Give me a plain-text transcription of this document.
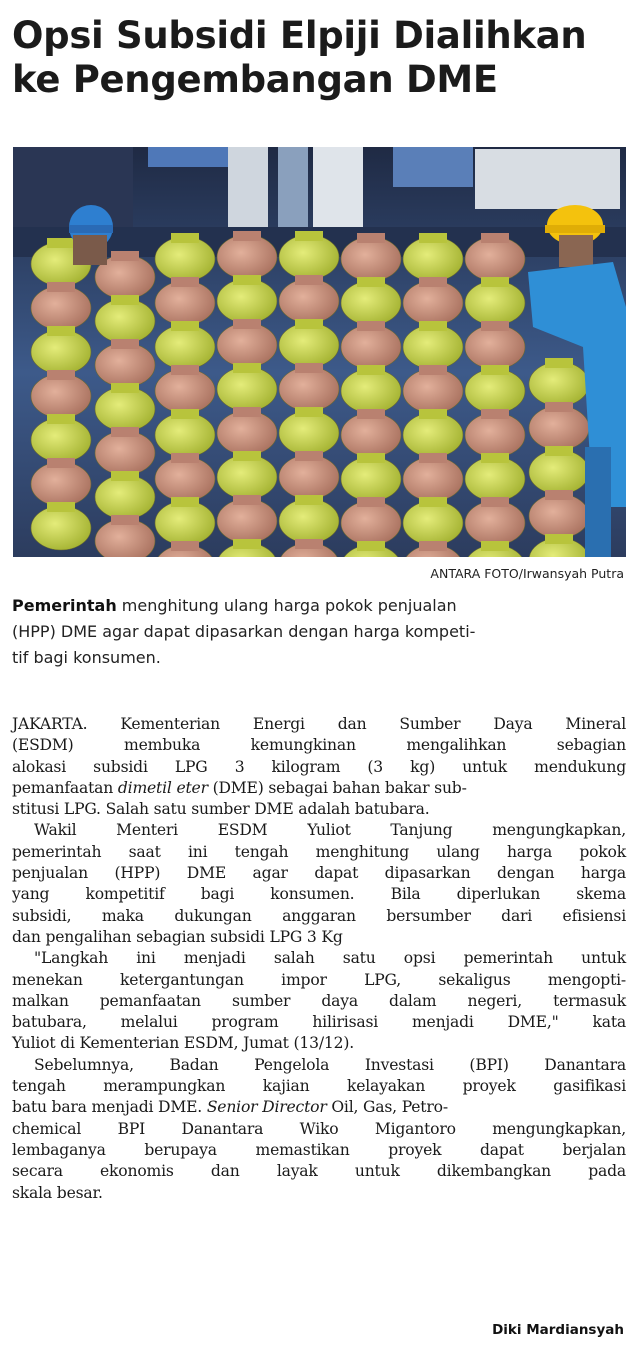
Opsi Subsidi Elpiji Dialihkan
ke Pengembangan DME
ANTARA FOTO/Irwansyah Putra
Pemerintah menghitung ulang harga pokok penjualan
(HPP) DME agar dapat dipasarkan dengan harga kompeti-
tif bagi konsumen.
JAKARTA. Kementerian Energi dan Sumber Daya Mineral
(ESDM) membuka kemungkinan mengalihkan sebagian
alokasi subsidi LPG 3 kilogram (3 kg) untuk mendukung
pemanfaatan dimetil eter (DME) sebagai bahan bakar sub-
stitusi LPG. Salah satu sumber DME adalah batubara.
Wakil Menteri ESDM Yuliot Tanjung mengungkapkan,
pemerintah saat ini tengah menghitung ulang harga pokok
penjualan (HPP) DME agar dapat dipasarkan dengan harga
yang kompetitif bagi konsumen. Bila diperlukan skema
subsidi, maka dukungan anggaran bersumber dari efisiensi
dan pengalihan sebagian subsidi LPG 3 Kg
"Langkah ini menjadi salah satu opsi pemerintah untuk
menekan ketergantungan impor LPG, sekaligus mengopti-
malkan pemanfaatan sumber daya dalam negeri, termasuk
batubara, melalui program hilirisasi menjadi DME," kata
Yuliot di Kementerian ESDM, Jumat (13/12).
Sebelumnya, Badan Pengelola Investasi (BPI) Danantara
tengah merampungkan kajian kelayakan proyek gasifikasi
batu bara menjadi DME. Senior Director Oil, Gas, Petro-
chemical BPI Danantara Wiko Migantoro mengungkapkan,
lembaganya berupaya memastikan proyek dapat berjalan
secara ekonomis dan layak untuk dikembangkan pada
skala besar.
Diki Mardiansyah
